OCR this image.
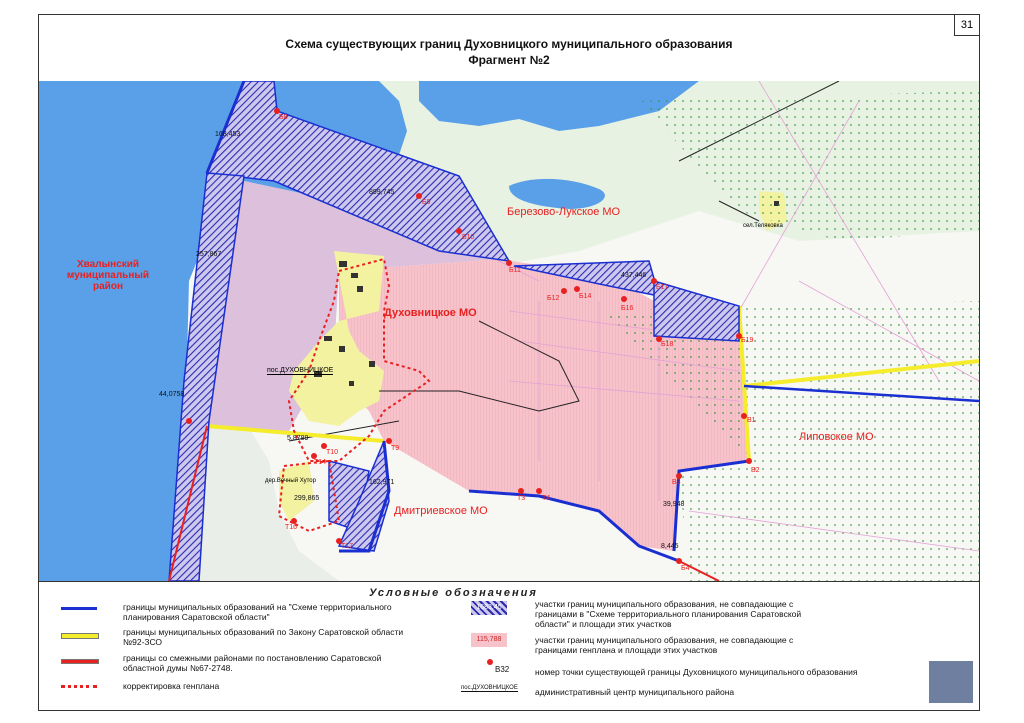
Схема существующих границ Духовницкого муниципального образования
Фрагмент №2
31
Хвалынский
муниципальный
район
Березово-Лукское МО
Духовницкое МО
Липовское МО
Дмитриевское МО
пос.ДУХОВНИЦКОЕ
дер.Вечный Хутор
сел.Теляковка
168,453
257,867
44,0758
5,8789
299,865
162,971
39,948
8,445
437,446
899,745
Б8
Б9
Б10
Б11
Б12	Б14
Б16
Б17
Б18
Б19
В1
В2
В3
Т3 Т4
Т9
Т10
Т14
Т16
Т17
Б4
Условные обозначения
границы муниципальных образований на "Схеме территориального планирования Саратовской области"
границы муниципальных образований по Закону Саратовской области №92-ЗСО
границы со смежными районами по постановлению Саратовской областной думы №67-2748.
корректировка генплана
1683,45	участки границ муниципального образования, не совпадающие с границами в "Схеме территориального планирования Саратовской области" и площади этих участков
115,788	участки границ муниципального образования, не совпадающие с границами генплана и площади этих участков
В32	номер точки существующей границы Духовницкого муниципального образования
пос.ДУХОВНИЦКОЕ административный центр муниципального района
